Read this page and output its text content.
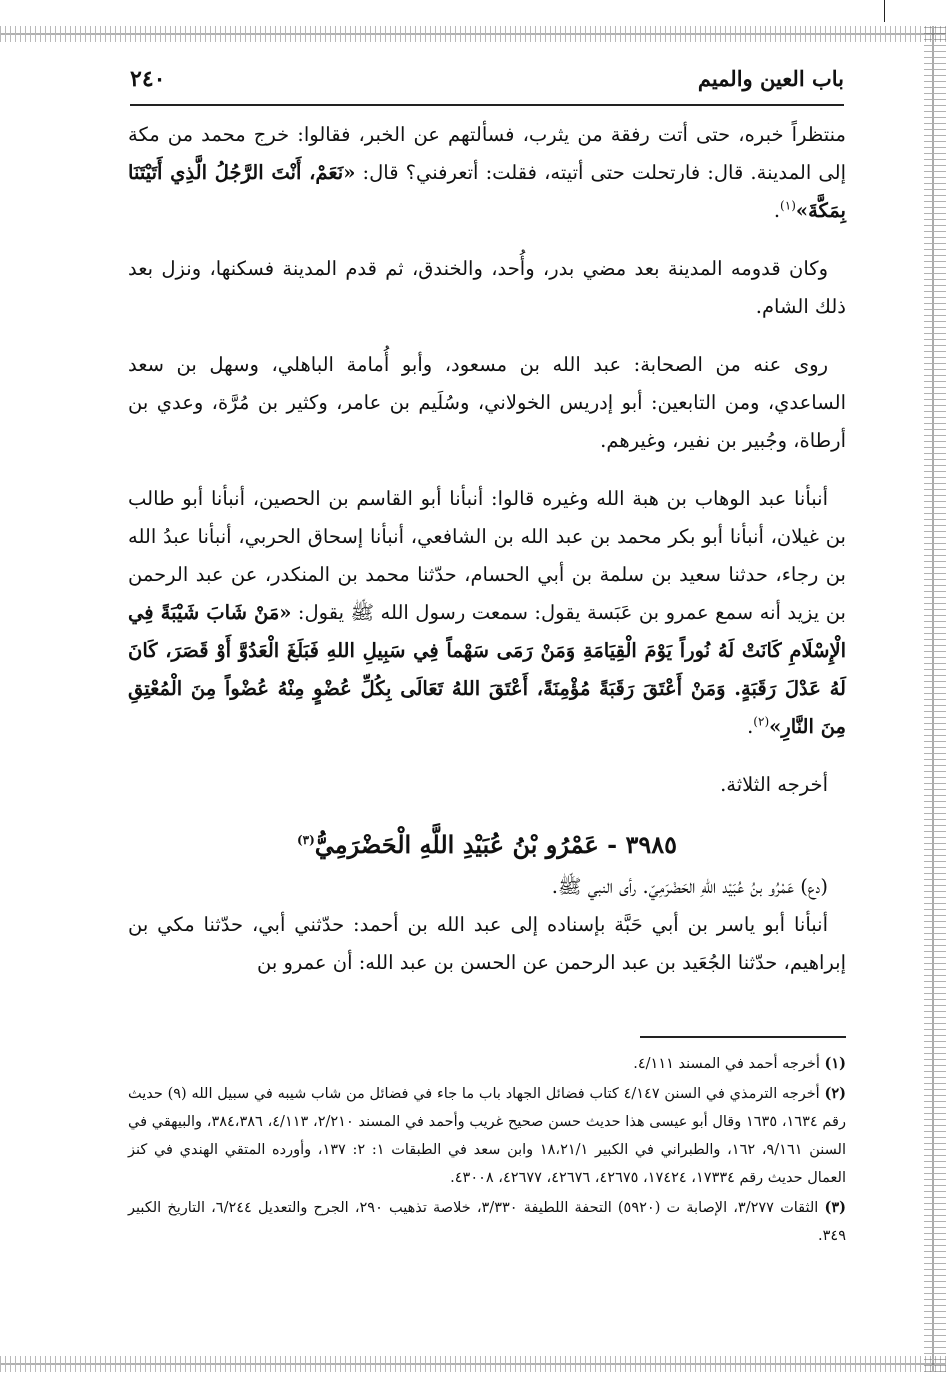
باب العين والميم
٢٤٠

منتظراً خبره، حتى أتت رفقة من يثرب، فسألتهم عن الخبر، فقالوا: خرج محمد من مكة إلى المدينة. قال: فارتحلت حتى أتيته، فقلت: أتعرفني؟ قال: «نَعَمْ، أَنْتَ الرَّجُلُ الَّذِي أَتَيْتَنَا بِمَكَّةَ»$^{(١)}$.

وكان قدومه المدينة بعد مضي بدر، وأُحد، والخندق، ثم قدم المدينة فسكنها، ونزل بعد ذلك الشام.

روى عنه من الصحابة: عبد الله بن مسعود، وأبو أُمامة الباهلي، وسهل بن سعد الساعدي، ومن التابعين: أبو إدريس الخولاني، وسُلَيم بن عامر، وكثير بن مُرَّة، وعدي بن أرطاة، وجُبير بن نفير، وغيرهم.

أنبأنا عبد الوهاب بن هبة الله وغيره قالوا: أنبأنا أبو القاسم بن الحصين، أنبأنا أبو طالب بن غيلان، أنبأنا أبو بكر محمد بن عبد الله بن الشافعي، أنبأنا إسحاق الحربي، أنبأنا عبدُ الله بن رجاء، حدثنا سعيد بن سلمة بن أبي الحسام، حدّثنا محمد بن المنكدر، عن عبد الرحمن بن يزيد أنه سمع عمرو بن عَبَسة يقول: سمعت رسول الله ﷺ يقول: «مَنْ شَابَ شَيْبَةً فِي الْإِسْلَامِ كَانَتْ لَهُ نُوراً يَوْمَ الْقِيَامَةِ وَمَنْ رَمَى سَهْماً فِي سَبِيلِ اللهِ فَبَلَغَ الْعَدُوَّ أَوْ قَصَرَ، كَانَ لَهُ عَدْلَ رَقَبَةٍ. وَمَنْ أَعْتَقَ رَقَبَةً مُؤْمِنَةً، أَعْتَقَ اللهُ تَعَالَى بِكُلِّ عُضْوٍ مِنْهُ عُضْواً مِنَ الْمُعْتِقِ مِنَ النَّارِ»$^{(٢)}$.

أخرجه الثلاثة.

٣٩٨٥ - عَمْرُو بْنُ عُبَيْدِ اللَّهِ الْحَضْرَمِيُّ$^{(٣)}$

(دع) عَمْرُو بنُ عُبَيْد اللهِ الحَضْرَمِيّ. رأى النبي ﷺ.

أنبأنا أبو ياسر بن أبي حَبَّة بإسناده إلى عبد الله بن أحمد: حدّثني أبي، حدّثنا مكي بن إبراهيم، حدّثنا الجُعَيد بن عبد الرحمن عن الحسن بن عبد الله: أن عمرو بن

(١) أخرجه أحمد في المسند ٤/١١١.

(٢) أخرجه الترمذي في السنن ٤/١٤٧ كتاب فضائل الجهاد باب ما جاء في فضائل من شاب شيبه في سبيل الله (٩) حديث رقم ١٦٣٤، ١٦٣٥ وقال أبو عيسى هذا حديث حسن صحيح غريب وأحمد في المسند ٢/٢١٠، ٤/١١٣، ٣٨٤،٣٨٦، والبيهقي في السنن ٩/١٦١، ١٦٢، والطبراني في الكبير ١٨،٢١/١ وابن سعد في الطبقات ١: ٢: ١٣٧، وأورده المتقي الهندي في كنز العمال حديث رقم ١٧٣٣٤، ١٧٤٢٤، ٤٢٦٧٥، ٤٢٦٧٦، ٤٢٦٧٧، ٤٣٠٠٨.

(٣) الثقات ٣/٢٧٧، الإصابة ت (٥٩٢٠) التحفة اللطيفة ٣/٣٣٠، خلاصة تذهيب ٢٩٠، الجرح والتعديل ٦/٢٤٤، التاريخ الكبير ٣٤٩.
